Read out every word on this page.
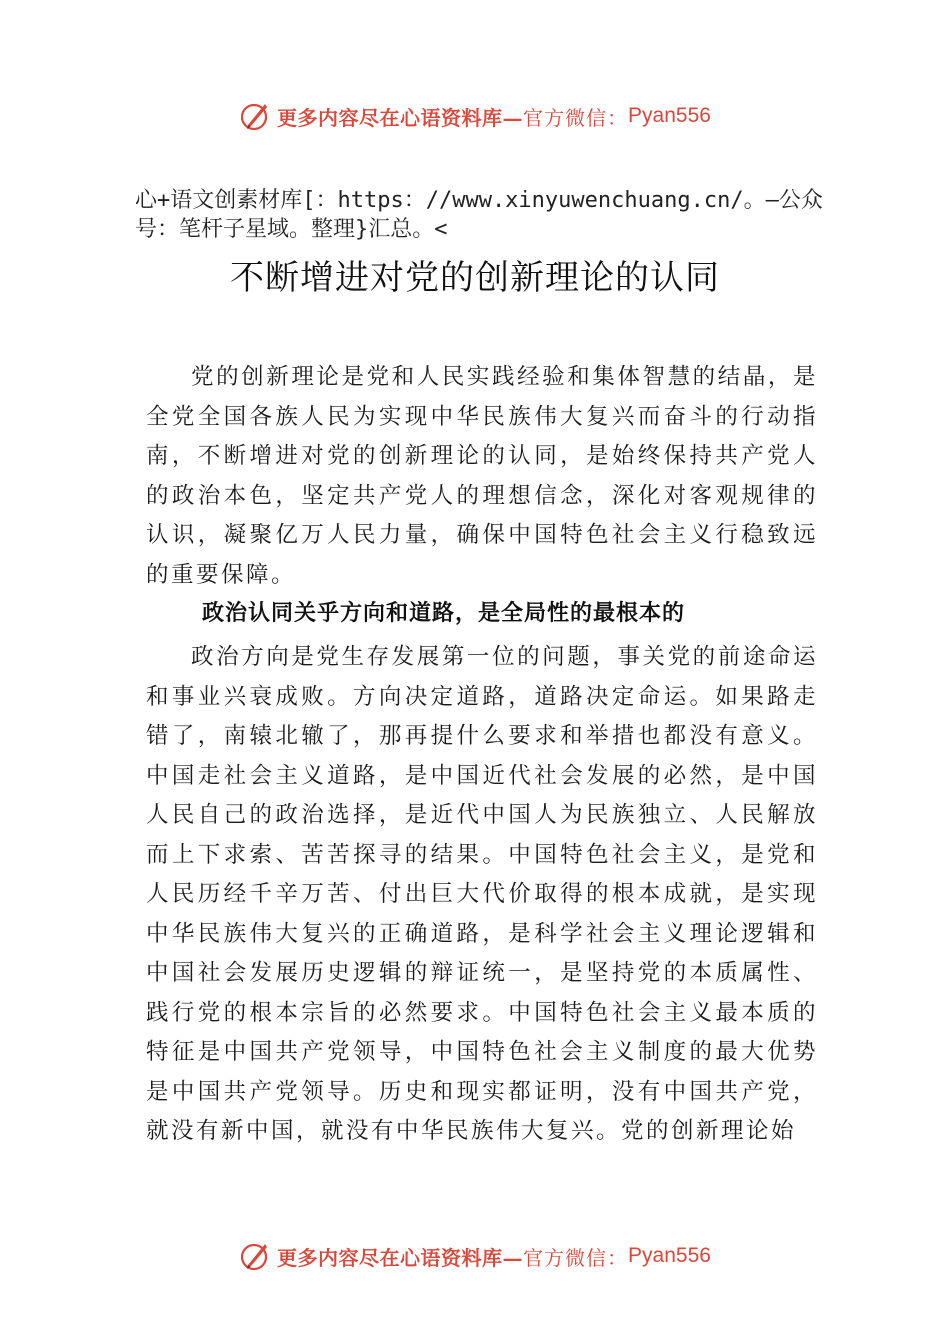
更多内容尽在心语资料库— 官方微信： Pyan556
心+语文创素材库[：https：//www.xinyuwenchuang.cn/。—公众号：笔杆子星域。整理}汇总。<
不断增进对党的创新理论的认同

党的创新理论是党和人民实践经验和集体智慧的结晶，是全党全国各族人民为实现中华民族伟大复兴而奋斗的行动指南，不断增进对党的创新理论的认同，是始终保持共产党人的政治本色，坚定共产党人的理想信念，深化对客观规律的认识，凝聚亿万人民力量，确保中国特色社会主义行稳致远的重要保障。

政治认同关乎方向和道路，是全局性的最根本的

政治方向是党生存发展第一位的问题，事关党的前途命运和事业兴衰成败。方向决定道路，道路决定命运。如果路走错了，南辕北辙了，那再提什么要求和举措也都没有意义。中国走社会主义道路，是中国近代社会发展的必然，是中国人民自己的政治选择，是近代中国人为民族独立、人民解放而上下求索、苦苦探寻的结果。中国特色社会主义，是党和人民历经千辛万苦、付出巨大代价取得的根本成就，是实现中华民族伟大复兴的正确道路，是科学社会主义理论逻辑和中国社会发展历史逻辑的辩证统一，是坚持党的本质属性、 践行党的根本宗旨的必然要求。中国特色社会主义最本质的特征是中国共产党领导，中国特色社会主义制度的最大优势是中国共产党领导。历史和现实都证明，没有中国共产党， 就没有新中国，就没有中华民族伟大复兴。党的创新理论始

更多内容尽在心语资料库— 官方微信： Pyan556
